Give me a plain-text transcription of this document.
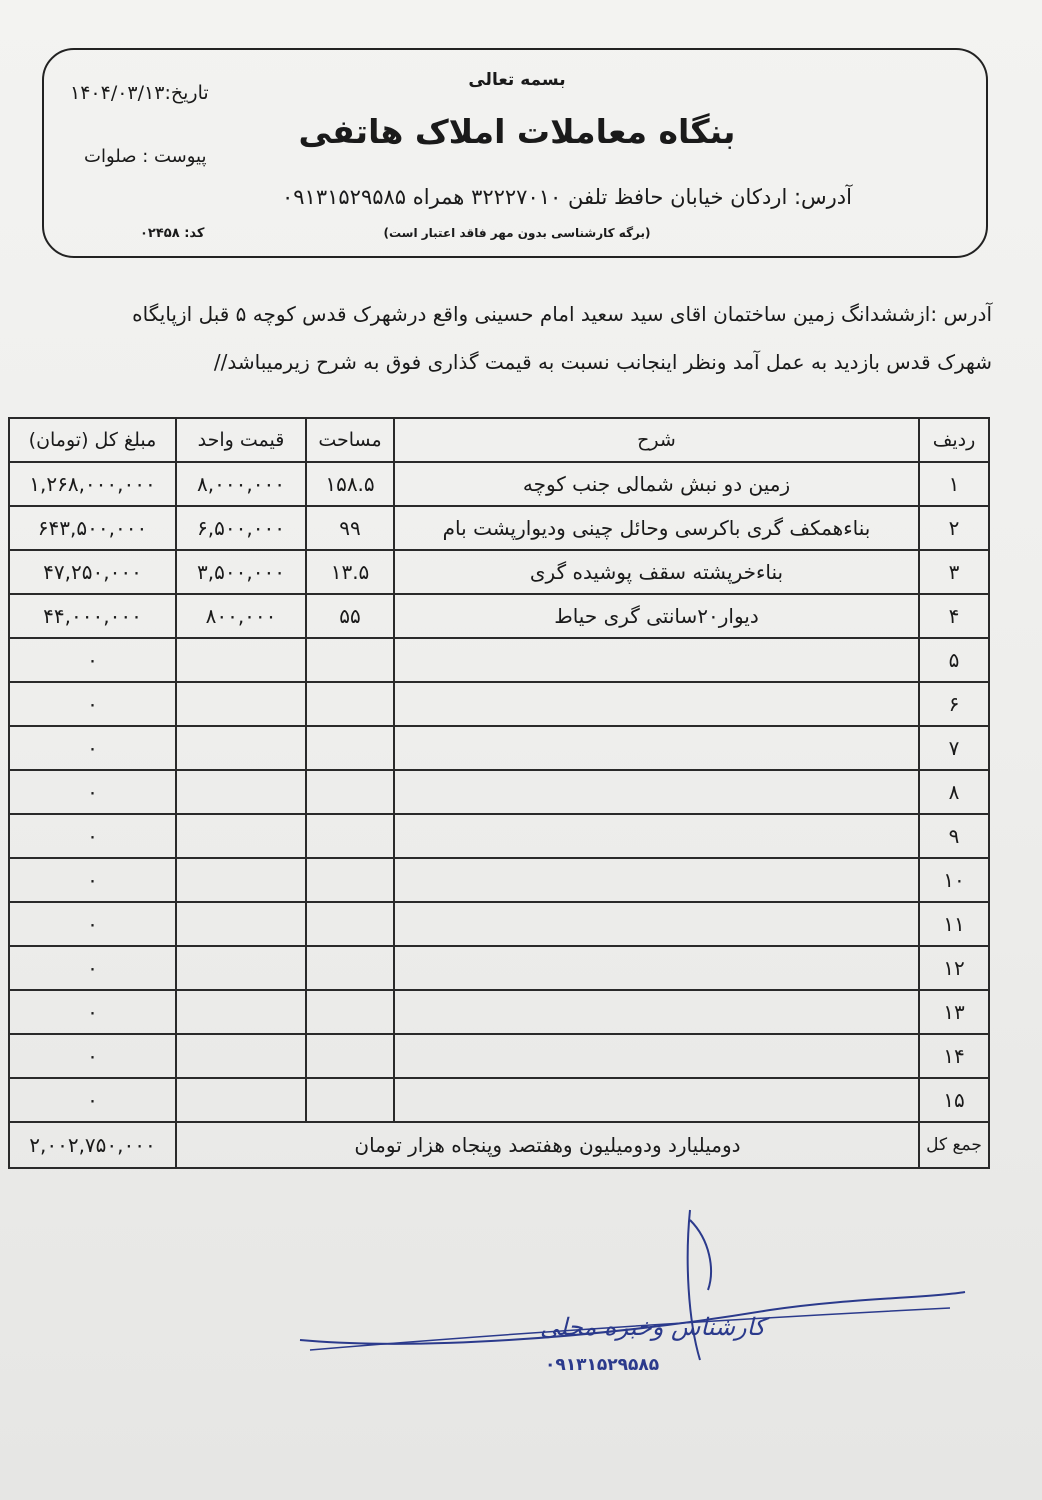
بسمه تعالی
بنگاه معاملات املاک هاتفی
تاریخ:۱۴۰۴/۰۳/۱۳
پیوست : صلوات
آدرس: اردکان خیابان حافظ تلفن ۳۲۲۲۷۰۱۰ همراه ۰۹۱۳۱۵۲۹۵۸۵
(برگه کارشناسی بدون مهر فاقد اعتبار است)
کد: ۰۲۴۵۸
آدرس :ازششدانگ زمین ساختمان اقای سید سعید امام حسینی واقع درشهرک قدس کوچه ۵ قبل ازپایگاه
شهرک قدس بازدید به عمل آمد ونظر اینجانب نسبت به قیمت گذاری فوق به شرح زیرمیباشد//
ردیف	شرح	مساحت	قیمت واحد	مبلغ کل (تومان)
۱	زمین دو نبش شمالی جنب کوچه	۱۵۸.۵	۸,۰۰۰,۰۰۰	۱,۲۶۸,۰۰۰,۰۰۰
۲	بناءهمکف گری باکرسی وحائل چینی ودیوارپشت بام	۹۹	۶,۵۰۰,۰۰۰	۶۴۳,۵۰۰,۰۰۰
۳	بناءخرپشته سقف پوشیده گری	۱۳.۵	۳,۵۰۰,۰۰۰	۴۷,۲۵۰,۰۰۰
۴	دیوار۲۰سانتی گری حیاط	۵۵	۸۰۰,۰۰۰	۴۴,۰۰۰,۰۰۰
۵				۰
۶				۰
۷				۰
۸				۰
۹				۰
۱۰				۰
۱۱				۰
۱۲				۰
۱۳				۰
۱۴				۰
۱۵				۰
جمع کل	دومیلیارد ودومیلیون وهفتصد وپنجاه هزار تومان			۲,۰۰۲,۷۵۰,۰۰۰
کارشناس وخبره محلی
۰۹۱۳۱۵۲۹۵۸۵
